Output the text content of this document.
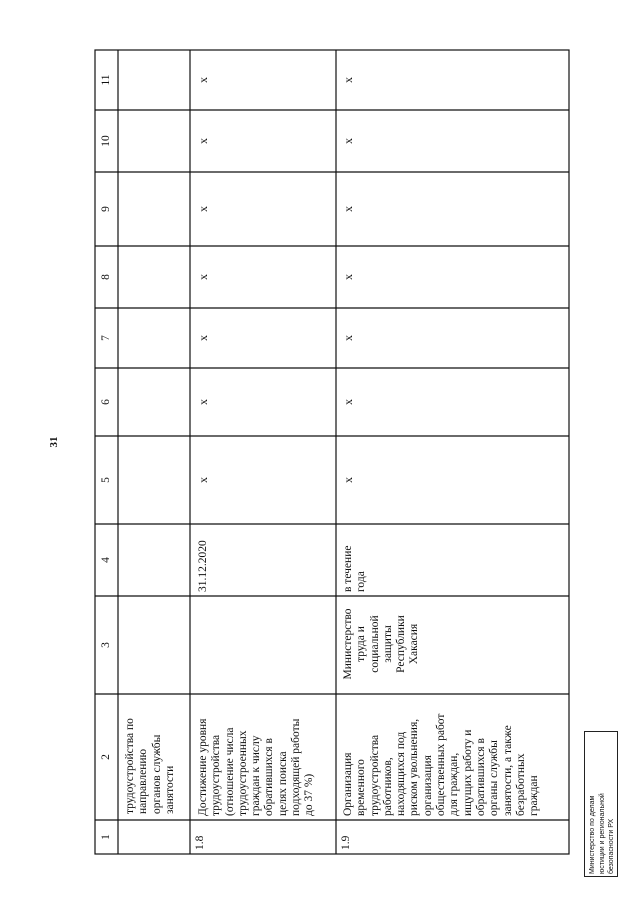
31
1
2
3
4
5
6
7
8
9
10
11
трудоустройства по направлению органов службы занятости
1.8
Достижение уровня трудоустройства (отношение числа трудоустроенных граждан к числу обратившихся в целях поиска подходящей работы до 37 %)
31.12.2020
х
х
х
х
х
х
х
1.9
Организация временного трудоустройства работников, находящихся под риском увольнения, организация общественных работ для граждан, ищущих работу и обратившихся в органы службы занятости, а также безработных граждан
Министерство труда и социальной защиты Республики Хакасия
в течение года
х
х
х
х
х
х
х
Министерство по делам юстиции и региональной безопасности РХ
